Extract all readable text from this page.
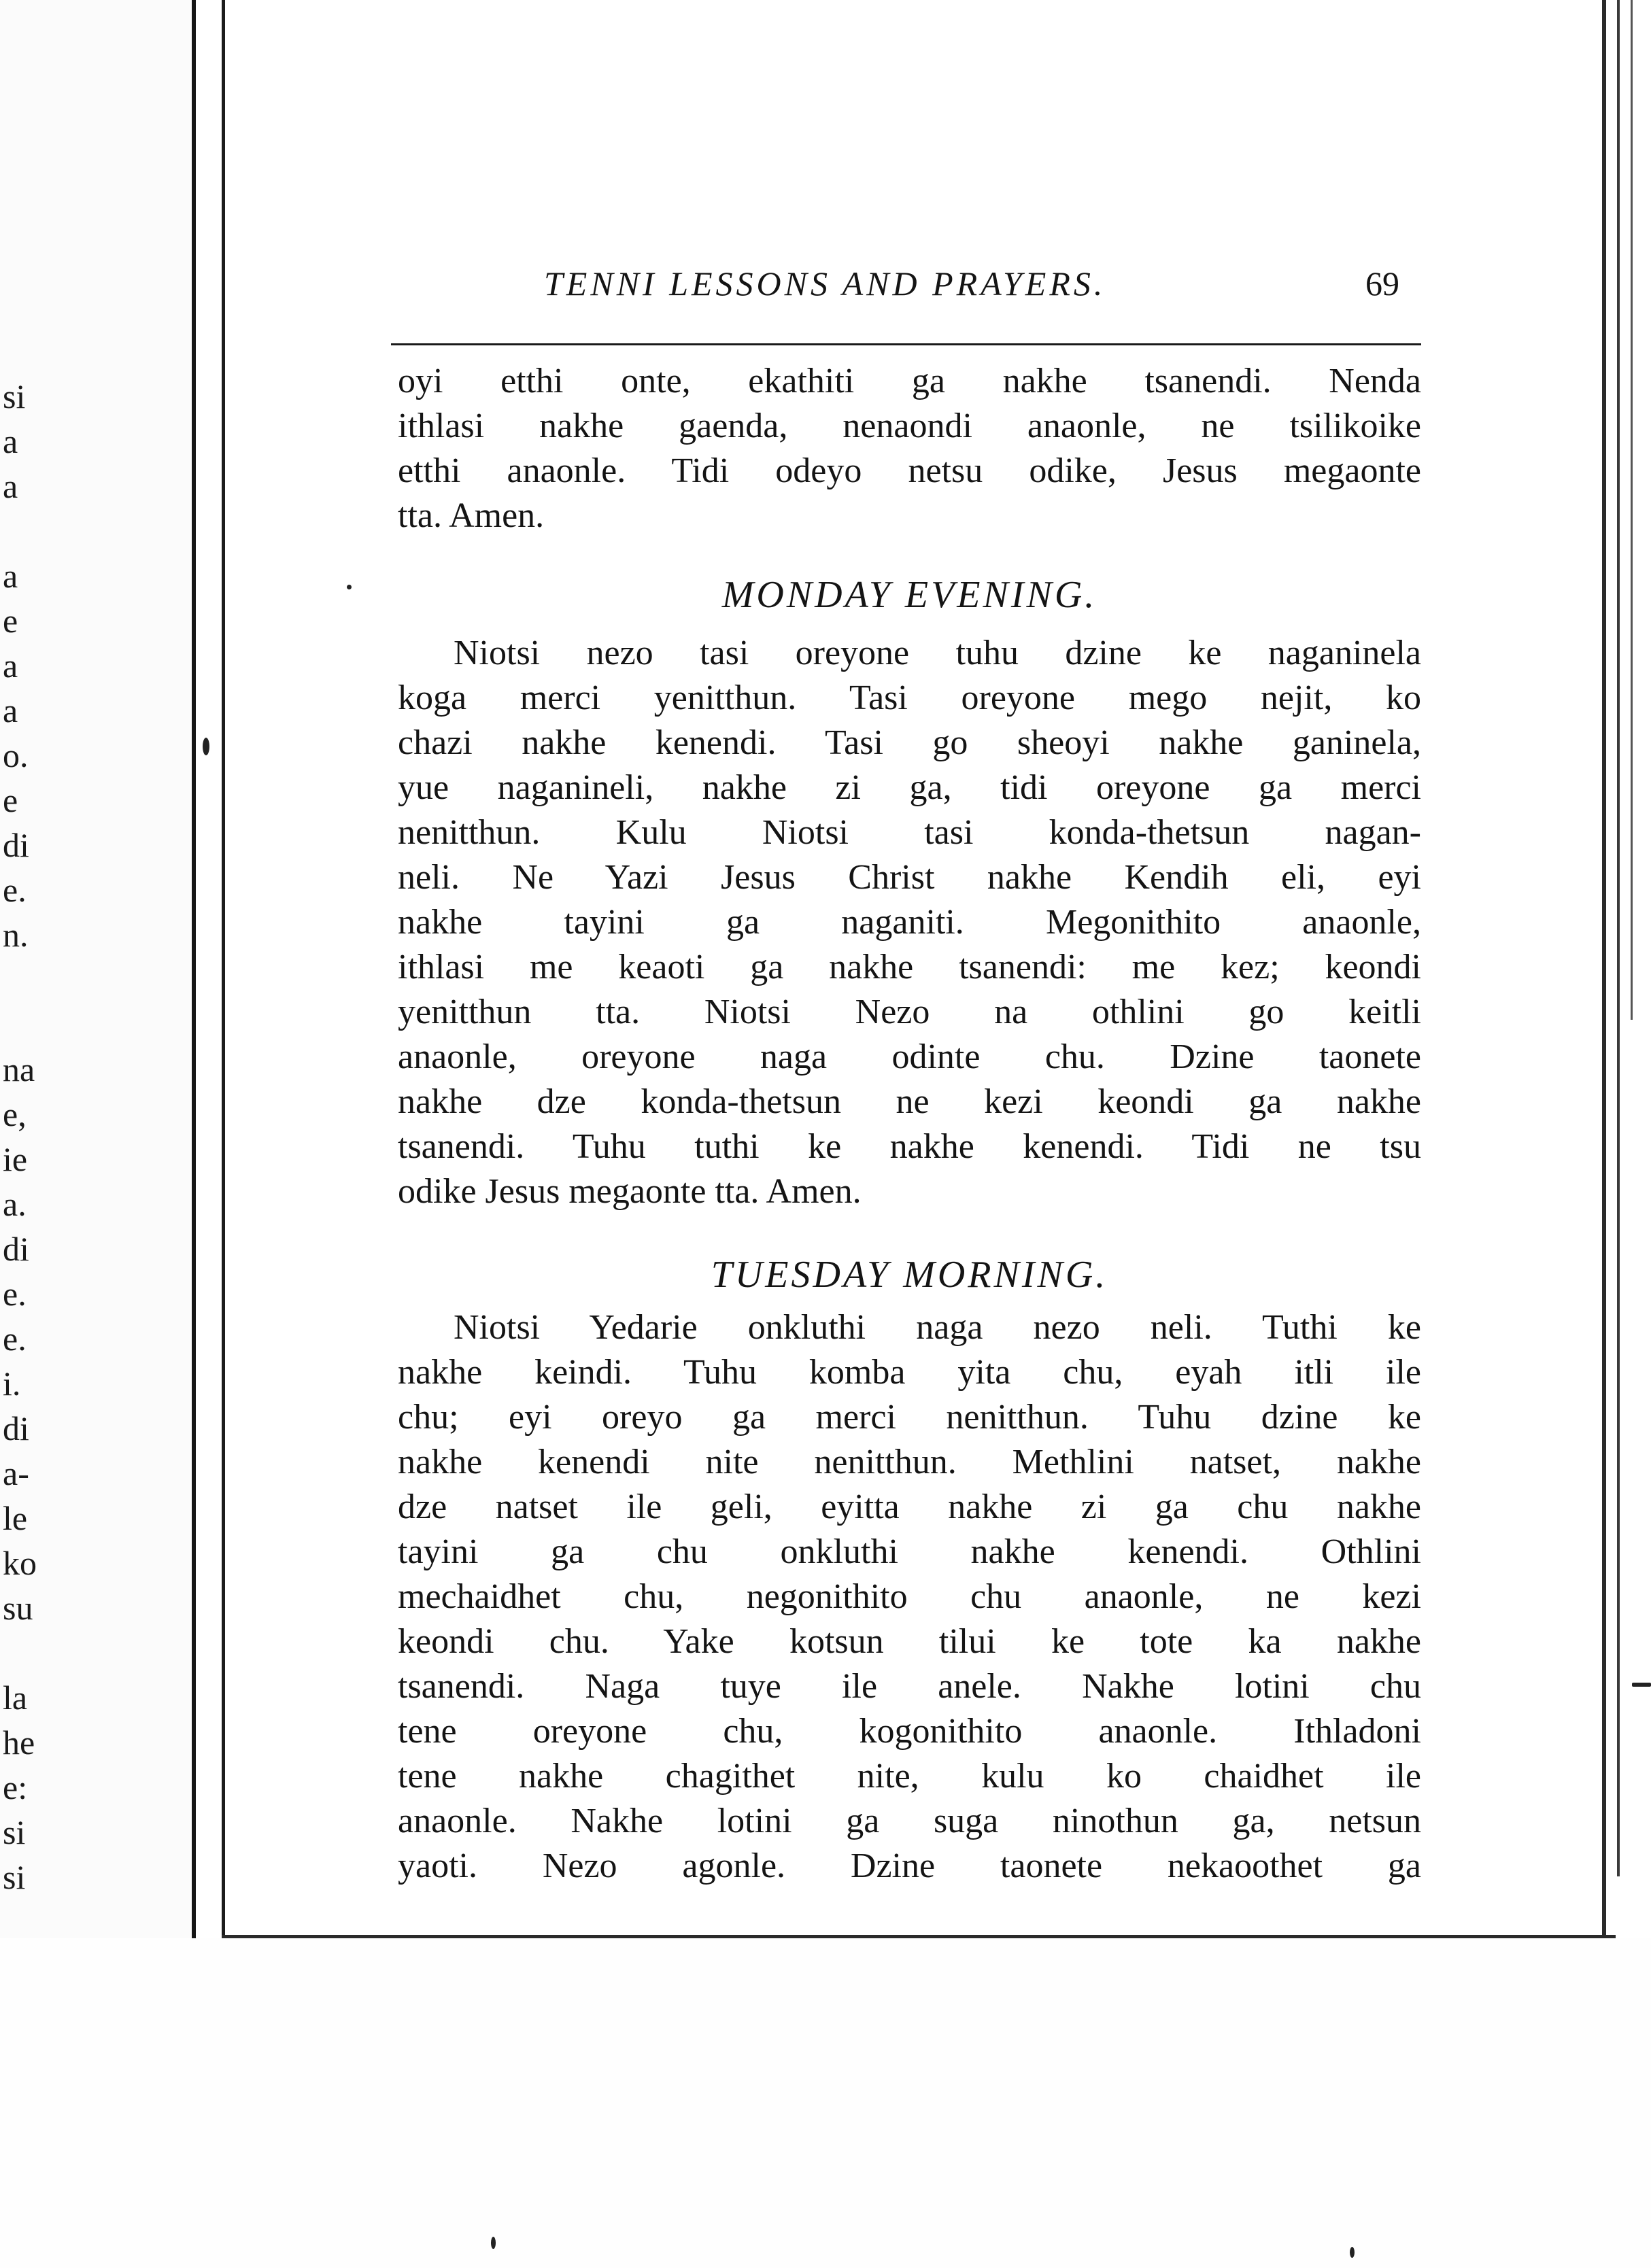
si
a
a
a
e
a
a
o.
e
di
e.
n.
na
e,
ie
a.
di
e.
e.
i.
di
a-
le
ko
su
la
he
e:
si
si
TENNI LESSONS AND PRAYERS.	69
oyi etthi onte, ekathiti ga nakhe tsanendi. Nenda
ithlasi nakhe gaenda, nenaondi anaonle, ne tsilikoike
etthi anaonle. Tidi odeyo netsu odike, Jesus megaonte
tta. Amen.
MONDAY EVENING.
Niotsi nezo tasi oreyone tuhu dzine ke naganinela
koga merci yenitthun. Tasi oreyone mego nejit, ko
chazi nakhe kenendi. Tasi go sheoyi nakhe ganinela,
yue naganineli, nakhe zi ga, tidi oreyone ga merci
nenitthun. Kulu Niotsi tasi konda-thetsun nagan-
neli. Ne Yazi Jesus Christ nakhe Kendih eli, eyi
nakhe tayini ga naganiti. Megonithito anaonle,
ithlasi me keaoti ga nakhe tsanendi: me kez; keondi
yenitthun tta. Niotsi Nezo na othlini go keitli
anaonle, oreyone naga odinte chu. Dzine taonete
nakhe dze konda-thetsun ne kezi keondi ga nakhe
tsanendi. Tuhu tuthi ke nakhe kenendi. Tidi ne tsu
odike Jesus megaonte tta. Amen.
TUESDAY MORNING.
Niotsi Yedarie onkluthi naga nezo neli. Tuthi ke
nakhe keindi. Tuhu komba yita chu, eyah itli ile
chu; eyi oreyo ga merci nenitthun. Tuhu dzine ke
nakhe kenendi nite nenitthun. Methlini natset, nakhe
dze natset ile geli, eyitta nakhe zi ga chu nakhe
tayini ga chu onkluthi nakhe kenendi. Othlini
mechaidhet chu, negonithito chu anaonle, ne kezi
keondi chu. Yake kotsun tilui ke tote ka nakhe
tsanendi. Naga tuye ile anele. Nakhe lotini chu
tene oreyone chu, kogonithito anaonle. Ithladoni
tene nakhe chagithet nite, kulu ko chaidhet ile
anaonle. Nakhe lotini ga suga ninothun ga, netsun
yaoti. Nezo agonle. Dzine taonete nekaoothet ga
